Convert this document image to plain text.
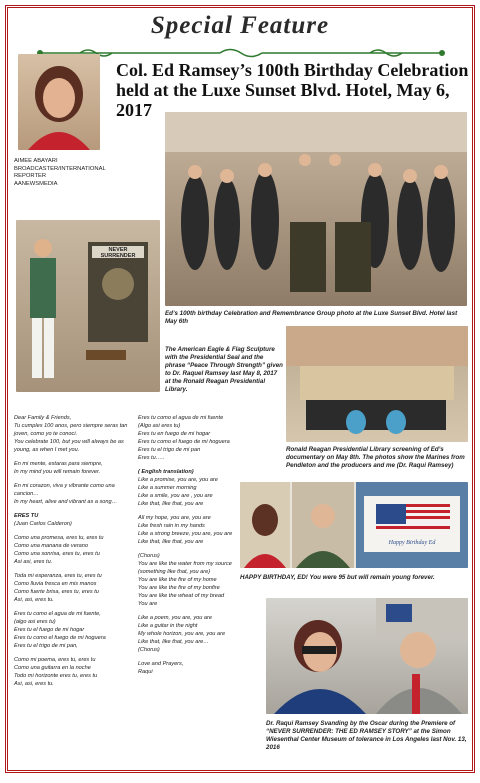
Special Feature
Col. Ed Ramsey’s 100th Birthday Celebration held at the Luxe Sunset Blvd. Hotel, May 6, 2017
AIMEE ABAYARI
BROADCASTER/INTERNATIONAL REPORTER
AANEWSMEDIA
Ed’s 100th birthday Celebration and Remembrance Group photo at the Luxe Sunset Blvd. Hotel last May 6th
NEVER SURRENDER
The American Eagle & Flag Sculpture with the Presidential Seal and the phrase “Peace Through Strength” given to Dr. Raquel Ramsey last May 8, 2017 at the Ronald Reagan Presidential Library.
Ronald Reagan Presidential Library screening of Ed’s documentary on May 8th. The photos show the Marines from Pendleton and the producers and me (Dr. Raqui Ramsey)
Happy Birthday Ed
HAPPY BIRTHDAY, ED! You were 95 but will remain young forever.
Dr. Raqui Ramsey Svanding by the Oscar during the Premiere of “NEVER SURRENDER: THE ED RAMSEY STORY” at the Simon Wiesenthal Center Museum of tolerance in Los Angeles last Nov. 13, 2016

Dear Family & Friends,
Tu cumples 100 anos, pero siempre seras tan joven, como yo te conoci.
You celebrate 100, but you will always be as young, as when I met you.

En mi mente, estaras para siempre,
In my mind you will remain forever.

En mi corazon, viva y vibrante como una cancion…
In my heart, alive and vibrant as a song…

ERES TU

(Juan Carlos Calderon)

Como una promesa, eres tu, eres tu
Como una manana de verano
Como una sonrisa, eres tu, eres tu
Asi asi, eres tu.

Toda mi esperanza, eres tu, eres tu
Como lluvia fresca en mis manos
Como fuerte brisa, eres tu, eres tu
Asi, asi, eres tu.

Eres tu como el agua de mi fuente,
(algo asi eres tu)
Eres tu el fuego de mi hogar
Eres tu como el fuego de mi hoguera
Eres tu el trigo de mi pan,

Como mi poema, eres tu, eres tu
Como una guitarra en la noche
Todo mi horizonte eres tu, eres tu
Asi, asi, eres tu.

Eres tu como el agua de mi fuente
(Algo asi eres tu)
Eres tu en fuego de mi hogar
Eres tu como el fuego de mi hoguera
Eres tu el trigo de mi pan
Eres tu…..

( English translation)

Like a promise, you are, you are
Like a summer morning
Like a smile, you are , you are
Like that, like that, you are

All my hope, you are, you are
Like fresh rain in my hands
Like a strong breeze, you are, you are
Like that, like that, you are

(Chorus)
You are like the water from my source
(something like that, you are)
You are like the fire of my home
You are like the fire of my bonfire
You are like the wheat of my bread
You are

Like a poem, you are, you are
Like a guitar in the night
My whole horizon, you are, you are
Like that, like that, you are…
(Chorus)

Love and Prayers,
Raqui
